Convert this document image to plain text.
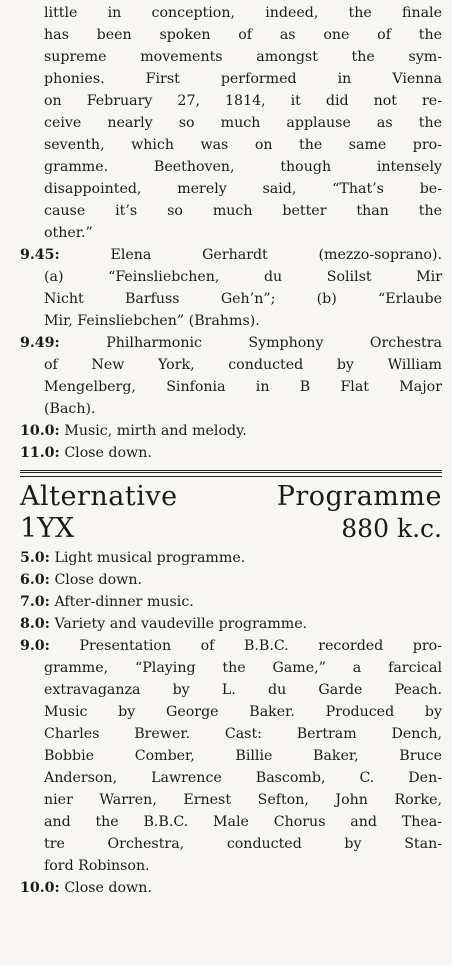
little in conception, indeed, the finale
has been spoken of as one of the
supreme movements amongst the sym-
phonies. First performed in Vienna
on February 27, 1814, it did not re-
ceive nearly so much applause as the
seventh, which was on the same pro-
gramme. Beethoven, though intensely
disappointed, merely said, “That’s be-
cause it’s so much better than the
other.”
9.45:	Elena Gerhardt (mezzo-soprano).
(a) “Feinsliebchen, du Solilst Mir
Nicht Barfuss Geh’n”; (b) “Erlaube
Mir, Feinsliebchen” (Brahms).
9.49:	Philharmonic Symphony Orchestra
of New York, conducted by William
Mengelberg, Sinfonia in B Flat Major
(Bach).
10.0: Music, mirth and melody.
11.0: Close down.
Alternative	Programme
1YX	880 k.c.
5.0: Light musical programme.
6.0: Close down.
7.0: After-dinner music.
8.0: Variety and vaudeville programme.
9.0: Presentation of B.B.C. recorded pro-
gramme, “Playing the Game,” a farcical
extravaganza by L. du Garde Peach.
Music by George Baker. Produced by
Charles Brewer. Cast: Bertram Dench,
Bobbie Comber, Billie Baker, Bruce
Anderson, Lawrence Bascomb, C. Den-
nier Warren, Ernest Sefton, John Rorke,
and the B.B.C. Male Chorus and Thea-
tre Orchestra, conducted by Stan-
ford Robinson.
10.0: Close down.
